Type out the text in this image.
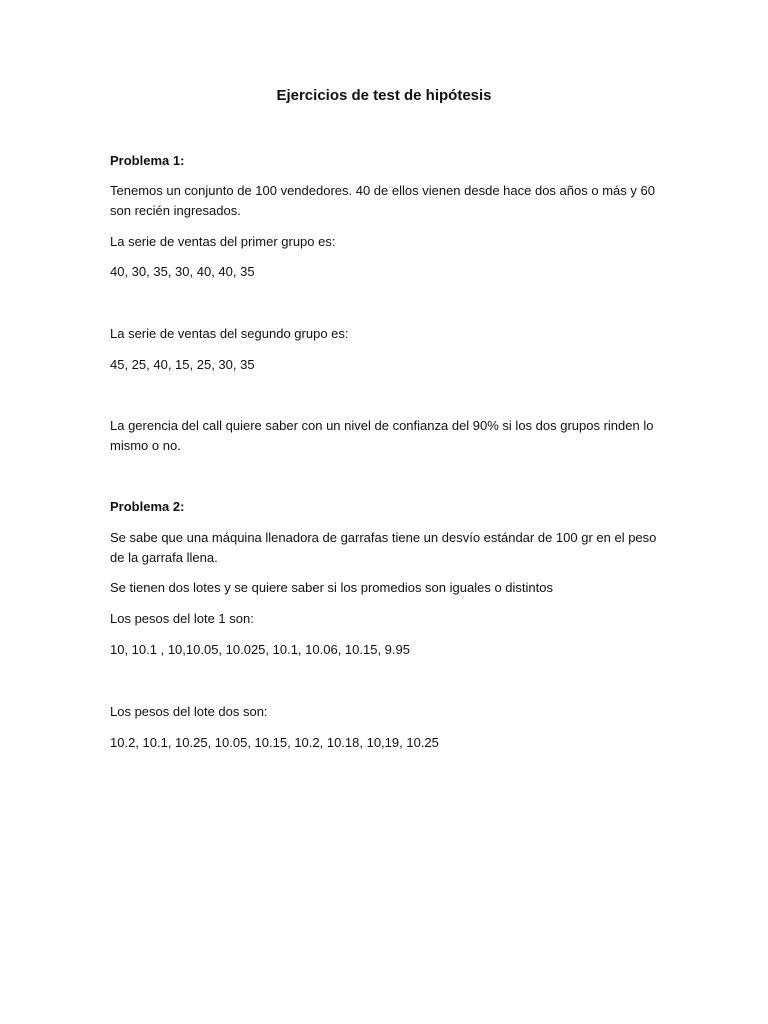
Ejercicios de test de hipótesis

Problema 1:

Tenemos un conjunto de 100 vendedores. 40 de ellos vienen desde hace dos años o más y 60

son recién ingresados.

La serie de ventas del primer grupo es:

40, 30, 35, 30, 40, 40, 35

La serie de ventas del segundo grupo es:

45, 25, 40, 15, 25, 30, 35

La gerencia del call quiere saber con un nivel de confianza del 90% si los dos grupos rinden lo

mismo o no.

Problema 2:

Se sabe que una máquina llenadora de garrafas tiene un desvío estándar de 100 gr en el peso

de la garrafa llena.

Se tienen dos lotes y se quiere saber si los promedios son iguales o distintos

Los pesos del lote 1 son:

10, 10.1 , 10,10.05, 10.025, 10.1, 10.06, 10.15, 9.95

Los pesos del lote dos son:

10.2, 10.1, 10.25, 10.05, 10.15, 10.2, 10.18, 10,19, 10.25
